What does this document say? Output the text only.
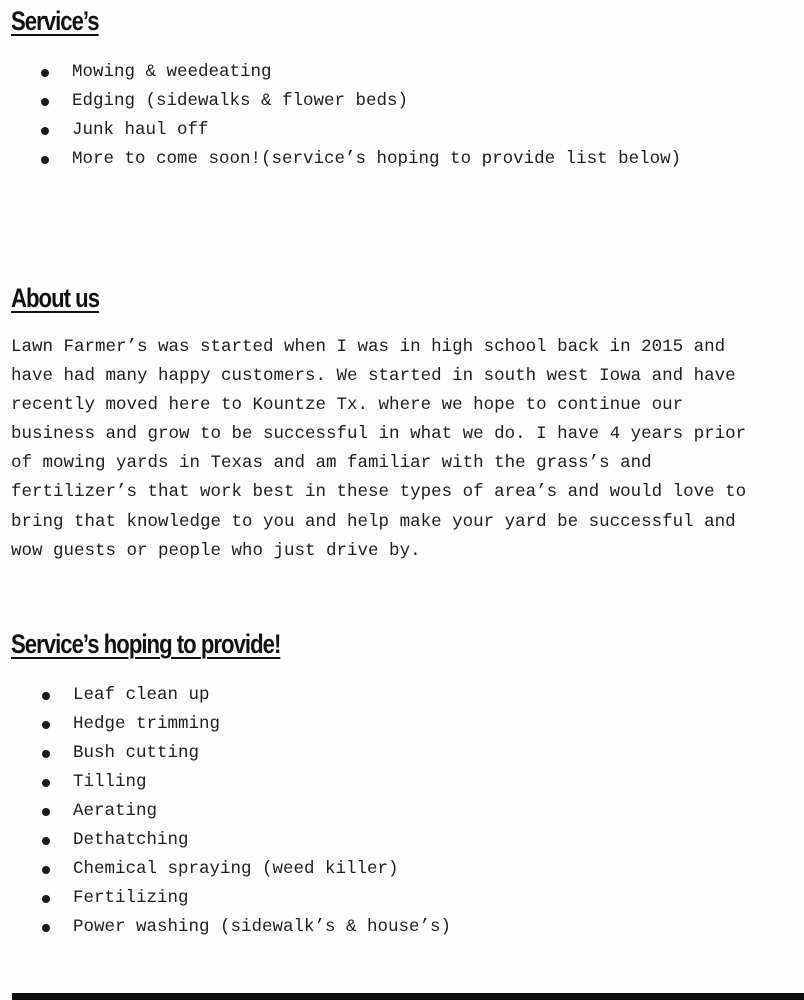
Service’s
Mowing & weedeating
Edging (sidewalks & flower beds)
Junk haul off
More to come soon!(service’s hoping to provide list below)
About us

Lawn Farmer’s was started when I was in high school back in 2015 and
have had many happy customers. We started in south west Iowa and have
recently moved here to Kountze Tx. where we hope to continue our
business and grow to be successful in what we do. I have 4 years prior
of mowing yards in Texas and am familiar with the grass’s and
fertilizer’s that work best in these types of area’s and would love to
bring that knowledge to you and help make your yard be successful and
wow guests or people who just drive by.

Service’s hoping to provide!
Leaf clean up
Hedge trimming
Bush cutting
Tilling
Aerating
Dethatching
Chemical spraying (weed killer)
Fertilizing
Power washing (sidewalk’s & house’s)
